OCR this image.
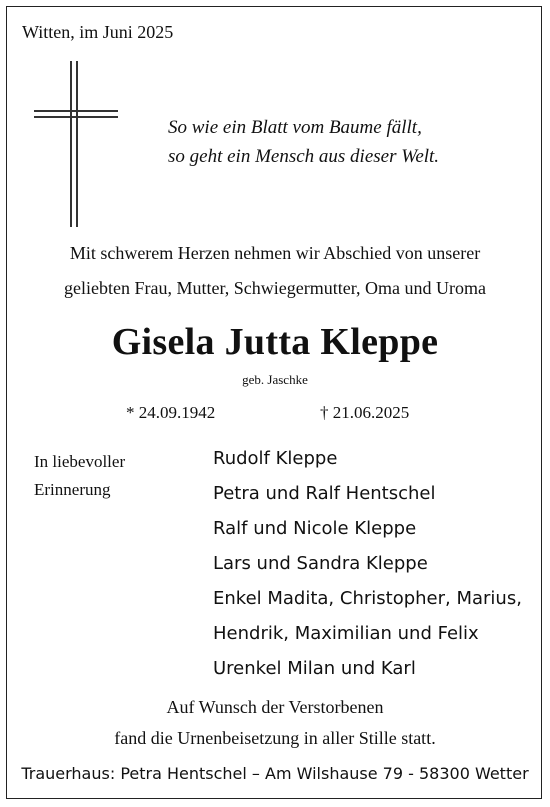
Witten, im Juni 2025
So wie ein Blatt vom Baume fällt,
so geht ein Mensch aus dieser Welt.
Mit schwerem Herzen nehmen wir Abschied von unserer
geliebten Frau, Mutter, Schwiegermutter, Oma und Uroma
Gisela Jutta Kleppe
geb. Jaschke
* 24.09.1942	† 21.06.2025
In liebevoller
Erinnerung
Rudolf Kleppe
Petra und Ralf Hentschel
Ralf und Nicole Kleppe
Lars und Sandra Kleppe
Enkel Madita, Christopher, Marius,
Hendrik, Maximilian und Felix
Urenkel Milan und Karl
Auf Wunsch der Verstorbenen
fand die Urnenbeisetzung in aller Stille statt.
Trauerhaus: Petra Hentschel – Am Wilshause 79 - 58300 Wetter
